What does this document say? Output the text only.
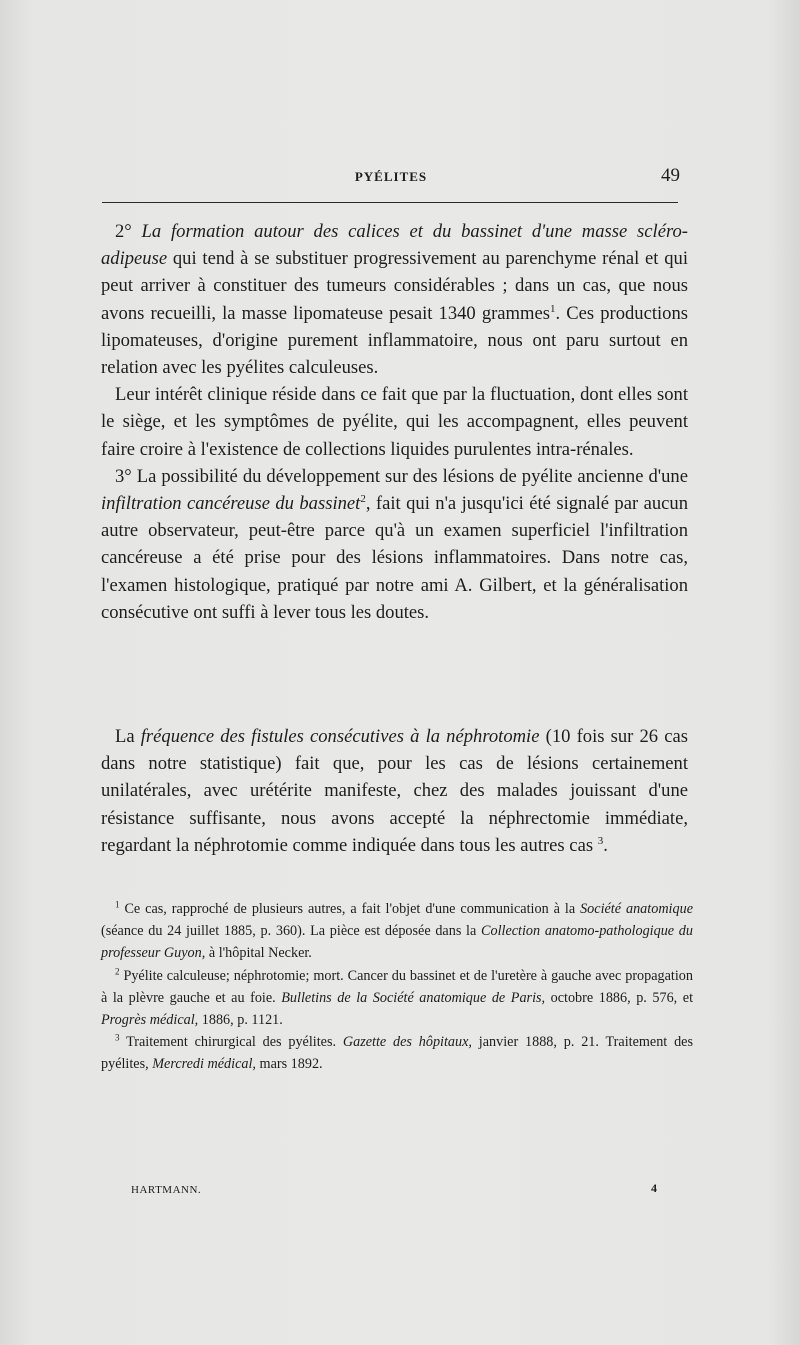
PYÉLITES	49

2° La formation autour des calices et du bassinet d'une masse scléro-adipeuse qui tend à se substituer progressivement au parenchyme rénal et qui peut arriver à constituer des tumeurs considérables ; dans un cas, que nous avons recueilli, la masse lipomateuse pesait 1340 grammes$^1$. Ces productions lipomateuses, d'origine purement inflammatoire, nous ont paru surtout en relation avec les pyélites calculeuses.

Leur intérêt clinique réside dans ce fait que par la fluctuation, dont elles sont le siège, et les symptômes de pyélite, qui les accompagnent, elles peuvent faire croire à l'existence de collections liquides purulentes intra-rénales.

3° La possibilité du développement sur des lésions de pyélite ancienne d'une infiltration cancéreuse du bassinet$^2$, fait qui n'a jusqu'ici été signalé par aucun autre observateur, peut-être parce qu'à un examen superficiel l'infiltration cancéreuse a été prise pour des lésions inflammatoires. Dans notre cas, l'examen histologique, pratiqué par notre ami A. Gilbert, et la généralisation consécutive ont suffi à lever tous les doutes.

La fréquence des fistules consécutives à la néphrotomie (10 fois sur 26 cas dans notre statistique) fait que, pour les cas de lésions certainement unilatérales, avec urétérite manifeste, chez des malades jouissant d'une résistance suffisante, nous avons accepté la néphrectomie immédiate, regardant la néphrotomie comme indiquée dans tous les autres cas $^3$.

$^1$ Ce cas, rapproché de plusieurs autres, a fait l'objet d'une communication à la Société anatomique (séance du 24 juillet 1885, p. 360). La pièce est déposée dans la Collection anatomo-pathologique du professeur Guyon, à l'hôpital Necker.

$^2$ Pyélite calculeuse; néphrotomie; mort. Cancer du bassinet et de l'uretère à gauche avec propagation à la plèvre gauche et au foie. Bulletins de la Société anatomique de Paris, octobre 1886, p. 576, et Progrès médical, 1886, p. 1121.

$^3$ Traitement chirurgical des pyélites. Gazette des hôpitaux, janvier 1888, p. 21. Traitement des pyélites, Mercredi médical, mars 1892.

HARTMANN.	4
